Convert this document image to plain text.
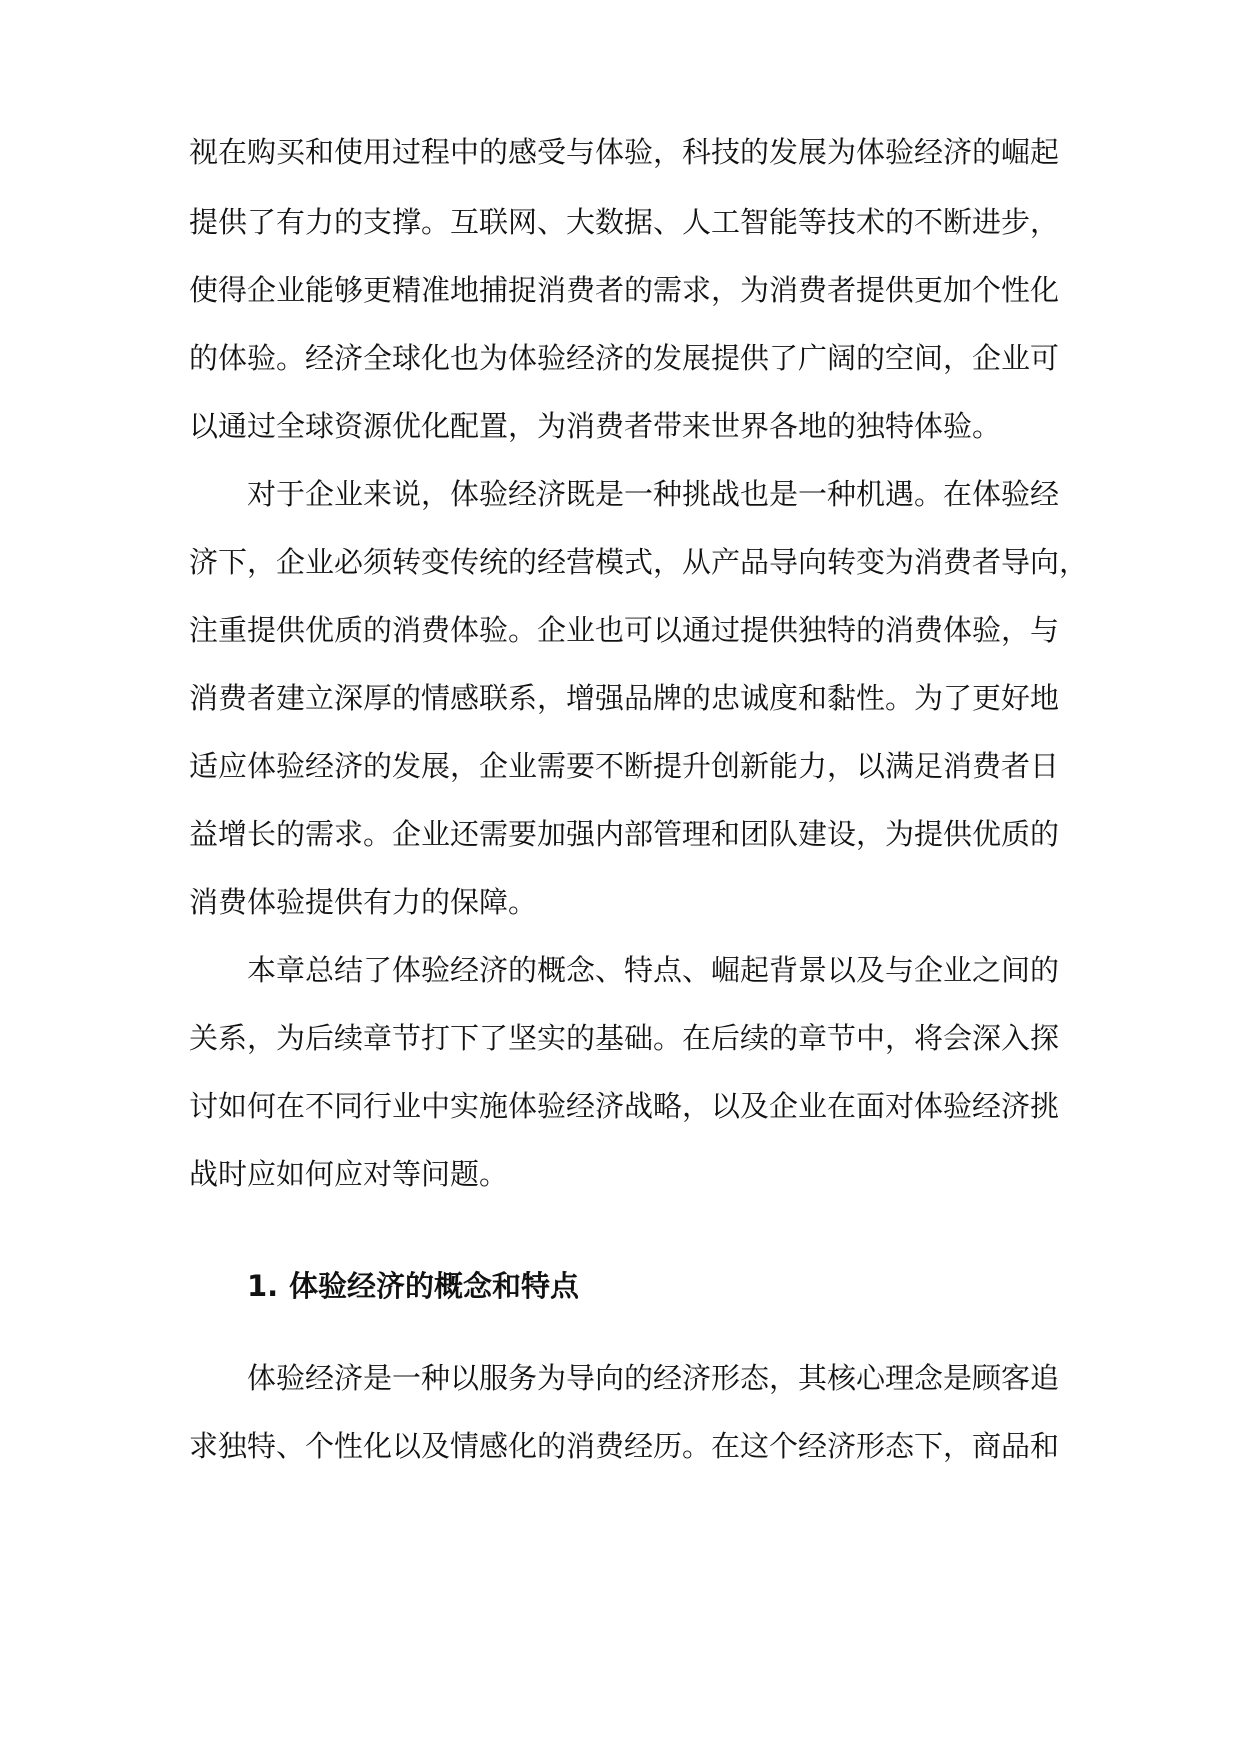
视在购买和使用过程中的感受与体验，科技的发展为体验经济的崛起
提供了有力的支撑。互联网、大数据、人工智能等技术的不断进步，
使得企业能够更精准地捕捉消费者的需求，为消费者提供更加个性化
的体验。经济全球化也为体验经济的发展提供了广阔的空间，企业可
以通过全球资源优化配置，为消费者带来世界各地的独特体验。
对于企业来说，体验经济既是一种挑战也是一种机遇。在体验经
济下，企业必须转变传统的经营模式，从产品导向转变为消费者导向，
注重提供优质的消费体验。企业也可以通过提供独特的消费体验，与
消费者建立深厚的情感联系，增强品牌的忠诚度和黏性。为了更好地
适应体验经济的发展，企业需要不断提升创新能力，以满足消费者日
益增长的需求。企业还需要加强内部管理和团队建设，为提供优质的
消费体验提供有力的保障。
本章总结了体验经济的概念、特点、崛起背景以及与企业之间的
关系，为后续章节打下了坚实的基础。在后续的章节中，将会深入探
讨如何在不同行业中实施体验经济战略，以及企业在面对体验经济挑
战时应如何应对等问题。
1. 体验经济的概念和特点
体验经济是一种以服务为导向的经济形态，其核心理念是顾客追
求独特、个性化以及情感化的消费经历。在这个经济形态下，商品和
